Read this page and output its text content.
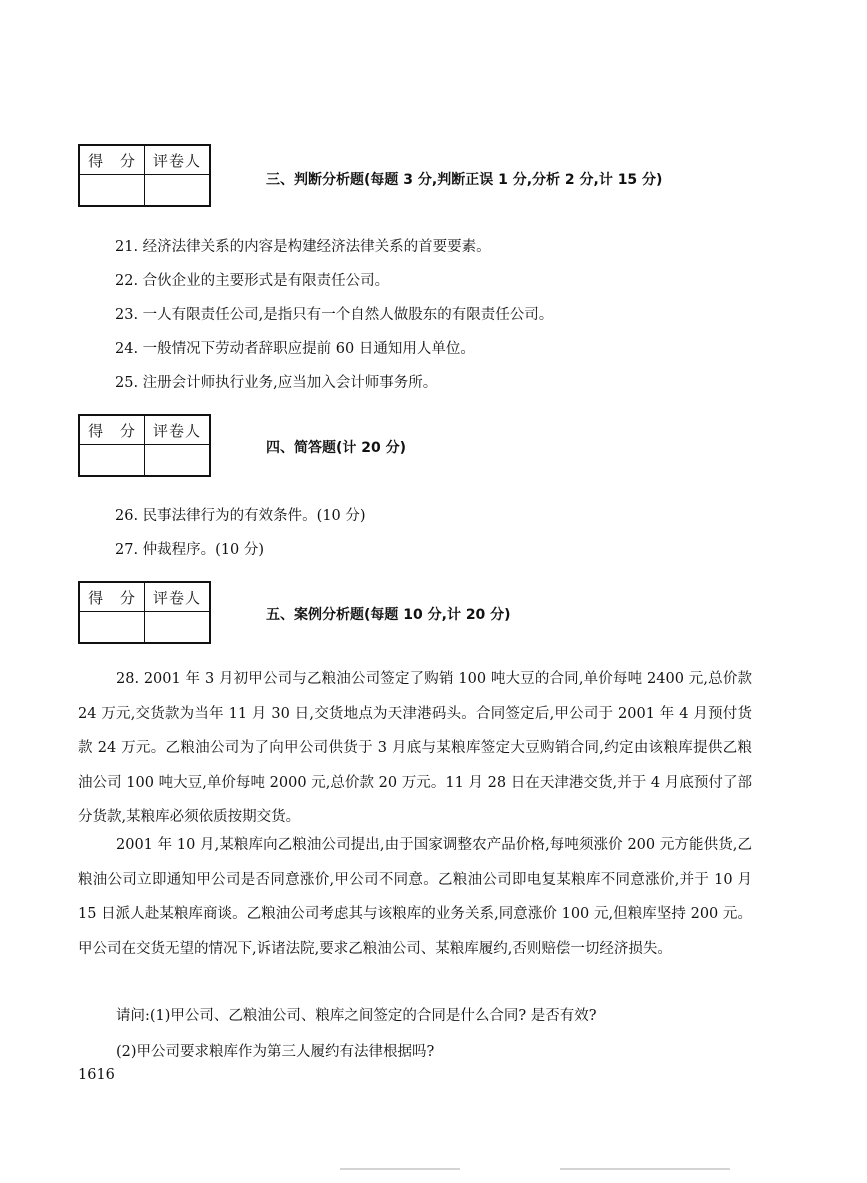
得 分	评卷人

三、判断分析题(每题 3 分,判断正误 1 分,分析 2 分,计 15 分)
21. 经济法律关系的内容是构建经济法律关系的首要要素。
22. 合伙企业的主要形式是有限责任公司。
23. 一人有限责任公司,是指只有一个自然人做股东的有限责任公司。
24. 一般情况下劳动者辞职应提前 60 日通知用人单位。
25. 注册会计师执行业务,应当加入会计师事务所。
得 分	评卷人

四、简答题(计 20 分)
26. 民事法律行为的有效条件。(10 分)
27. 仲裁程序。(10 分)
得 分	评卷人

五、案例分析题(每题 10 分,计 20 分)

28. 2001 年 3 月初甲公司与乙粮油公司签定了购销 100 吨大豆的合同,单价每吨 2400 元,总价款 24 万元,交货款为当年 11 月 30 日,交货地点为天津港码头。合同签定后,甲公司于 2001 年 4 月预付货款 24 万元。乙粮油公司为了向甲公司供货于 3 月底与某粮库签定大豆购销合同,约定由该粮库提供乙粮油公司 100 吨大豆,单价每吨 2000 元,总价款 20 万元。11 月 28 日在天津港交货,并于 4 月底预付了部分货款,某粮库必须依质按期交货。

2001 年 10 月,某粮库向乙粮油公司提出,由于国家调整农产品价格,每吨须涨价 200 元方能供货,乙粮油公司立即通知甲公司是否同意涨价,甲公司不同意。乙粮油公司即电复某粮库不同意涨价,并于 10 月 15 日派人赴某粮库商谈。乙粮油公司考虑其与该粮库的业务关系,同意涨价 100 元,但粮库坚持 200 元。甲公司在交货无望的情况下,诉诸法院,要求乙粮油公司、某粮库履约,否则赔偿一切经济损失。

请问:(1)甲公司、乙粮油公司、粮库之间签定的合同是什么合同? 是否有效?
(2)甲公司要求粮库作为第三人履约有法律根据吗?
1616
